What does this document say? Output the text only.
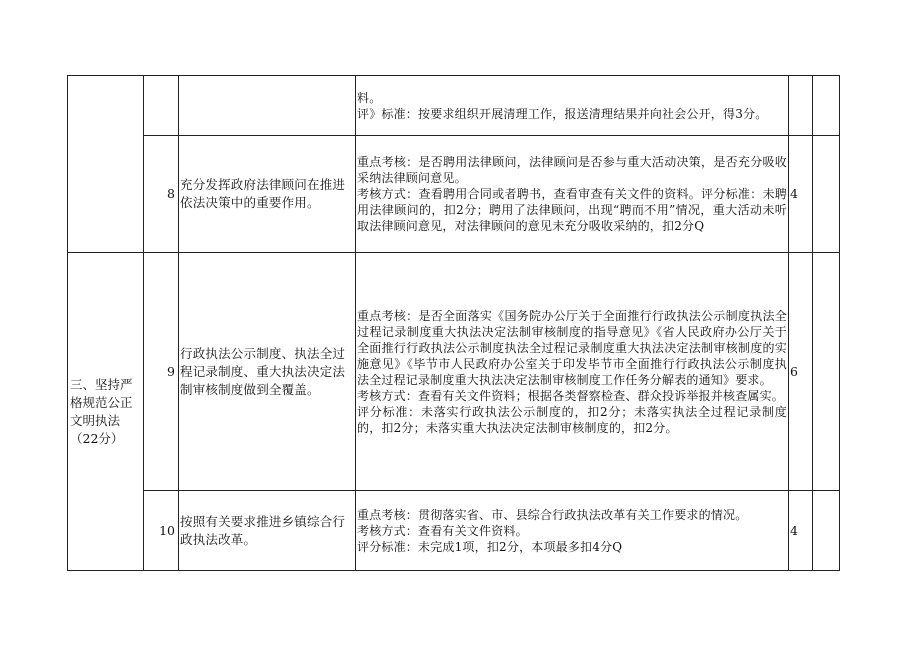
			料。
评》标准：按要求组织开展清理工作，报送清理结果并向社会公开，得3分。		

	8	充分发挥政府法律顾问在推进依法决策中的重要作用。	重点考核：是否聘用法律顾问，法律顾问是否参与重大活动决策，是否充分吸收采纳法律顾问意见。
考核方式：查看聘用合同或者聘书，查看审查有关文件的资料。评分标准：未聘用法律顾问的，扣2分；聘用了法律顾问，出现“聘而不用”情况，重大活动未听取法律顾问意见，对法律顾问的意见未充分吸收采纳的，扣2分Q	4	
三、坚持严格规范公正文明执法（22分）	9	行政执法公示制度、执法全过程记录制度、重大执法决定法制审核制度做到全覆盖。	重点考核：是否全面落实《国务院办公厅关于全面推行行政执法公示制度执法全过程记录制度重大执法决定法制审核制度的指导意见》《省人民政府办公厅关于全面推行行政执法公示制度执法全过程记录制度重大执法决定法制审核制度的实施意见》《毕节市人民政府办公室关于印发毕节市全面推行行政执法公示制度执法全过程记录制度重大执法决定法制审核制度工作任务分解表的通知》要求。
考核方式：查看有关文件资料；根据各类督察检查、群众投诉举报并核查属实。
评分标准：未落实行政执法公示制度的，扣2分；未落实执法全过程记录制度的，扣2分；未落实重大执法决定法制审核制度的，扣2分。	6	
	10	按照有关要求推进乡镇综合行政执法改革。	重点考核：贯彻落实省、市、县综合行政执法改革有关工作要求的情况。
考核方式：查看有关文件资料。
评分标准：未完成1项，扣2分，本项最多扣4分Q	4	
